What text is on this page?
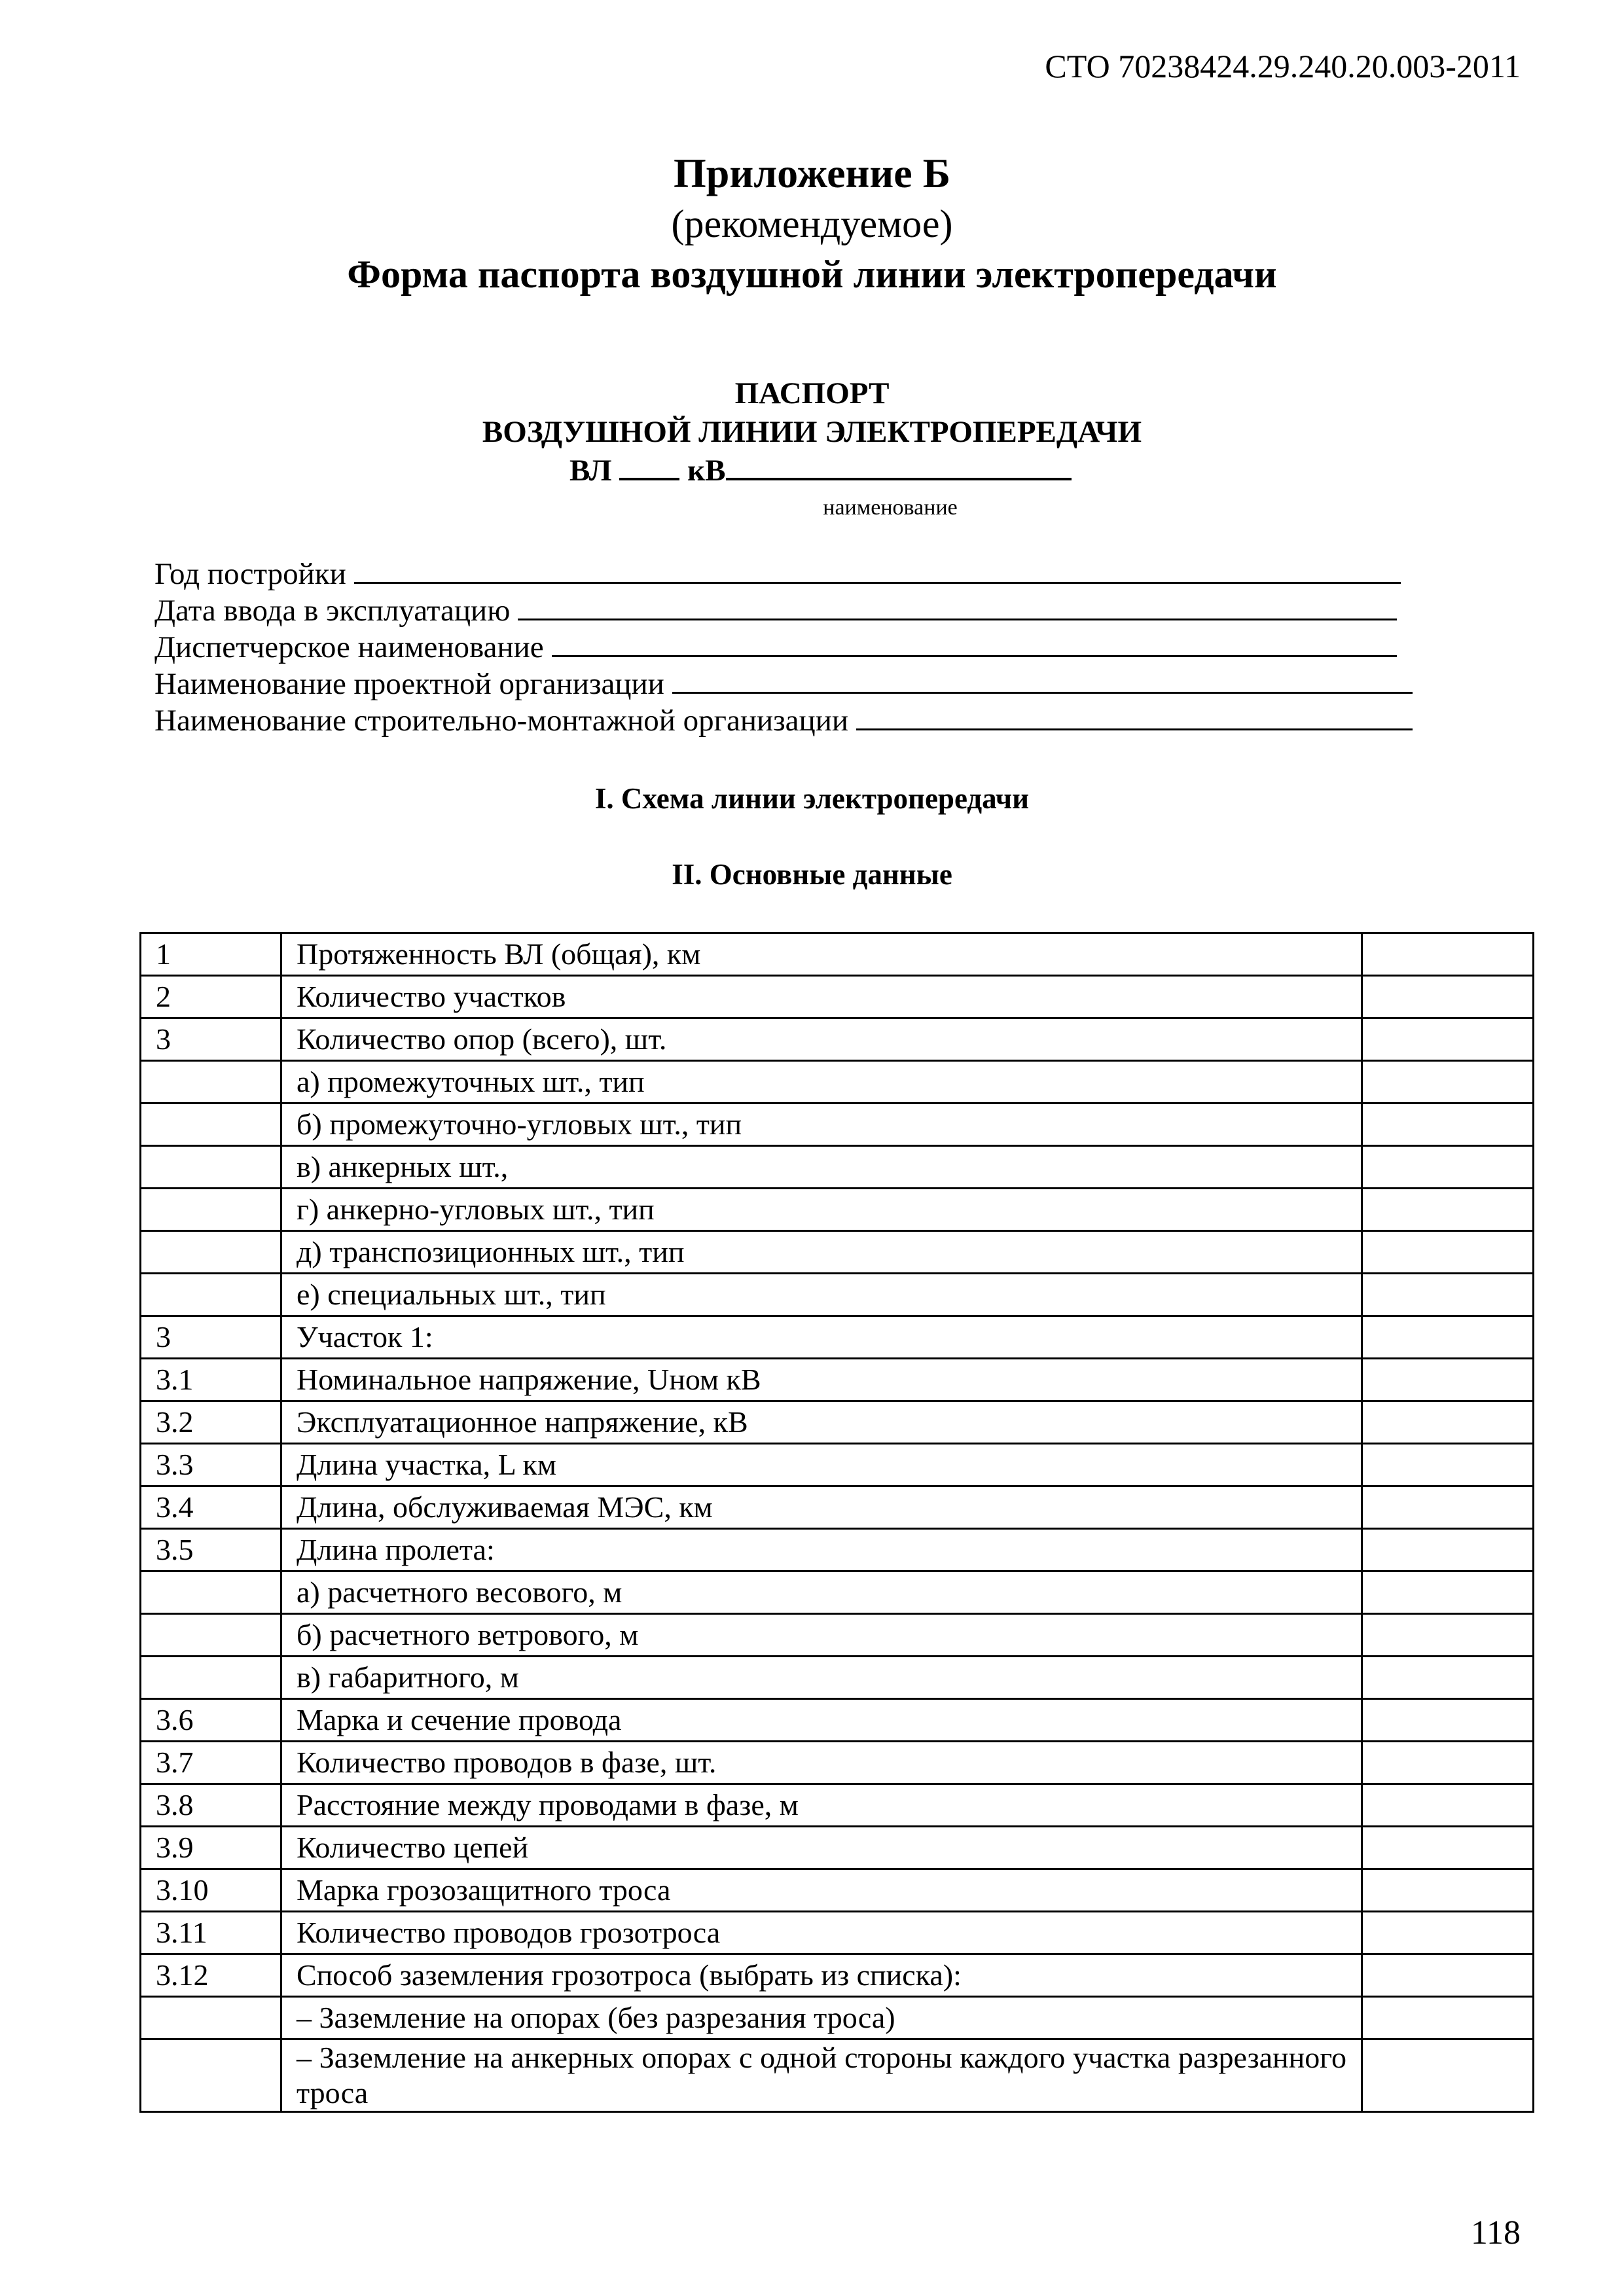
СТО 70238424.29.240.20.003-2011
Приложение Б
(рекомендуемое)
Форма паспорта воздушной линии электропередачи
ПАСПОРТ
ВОЗДУШНОЙ ЛИНИИ ЭЛЕКТРОПЕРЕДАЧИ
ВЛ кВ
наименование
Год постройки
Дата ввода в эксплуатацию
Диспетчерское наименование
Наименование проектной организации
Наименование строительно-монтажной организации
I. Схема линии электропередачи
II. Основные данные
1	Протяженность ВЛ (общая), км	
2	Количество участков	
3	Количество опор (всего), шт.	
	а) промежуточных шт., тип	
	б) промежуточно-угловых шт., тип	
	в) анкерных шт.,	
	г) анкерно-угловых шт., тип	
	д) транспозиционных шт., тип	
	е) специальных шт., тип	
3	Участок 1:	
3.1	Номинальное напряжение, Uном кВ	
3.2	Эксплуатационное напряжение, кВ	
3.3	Длина участка, L км	
3.4	Длина, обслуживаемая МЭС, км	
3.5	Длина пролета:	
	а) расчетного весового, м	
	б) расчетного ветрового, м	
	в) габаритного, м	
3.6	Марка и сечение провода	
3.7	Количество проводов в фазе, шт.	
3.8	Расстояние между проводами в фазе, м	
3.9	Количество цепей	
3.10	Марка грозозащитного троса	
3.11	Количество проводов грозотроса	
3.12	Способ заземления грозотроса (выбрать из списка):	
	– Заземление на опорах (без разрезания троса)	
	– Заземление на анкерных опорах с одной стороны каждого участка разрезанного троса	
118
